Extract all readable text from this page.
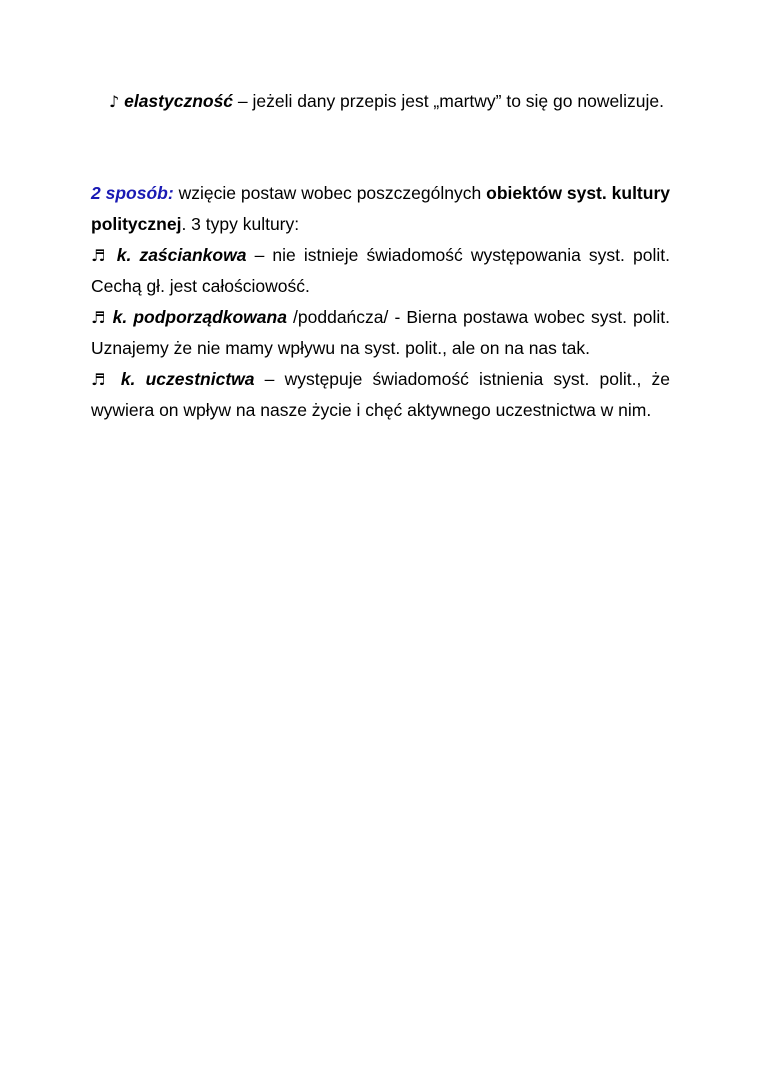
♪ elastyczność – jeżeli dany przepis jest „martwy” to się go nowelizuje.
2 sposób: wzięcie postaw wobec poszczególnych obiektów syst. kultury politycznej. 3 typy kultury:
♬ k. zaściankowa – nie istnieje świadomość występowania syst. polit. Cechą gł. jest całościowość.
♬ k. podporządkowana /poddańcza/ - Bierna postawa wobec syst. polit. Uznajemy że nie mamy wpływu na syst. polit., ale on na nas tak.
♬ k. uczestnictwa – występuje świadomość istnienia syst. polit., że wywiera on wpływ na nasze życie i chęć aktywnego uczestnictwa w nim.
